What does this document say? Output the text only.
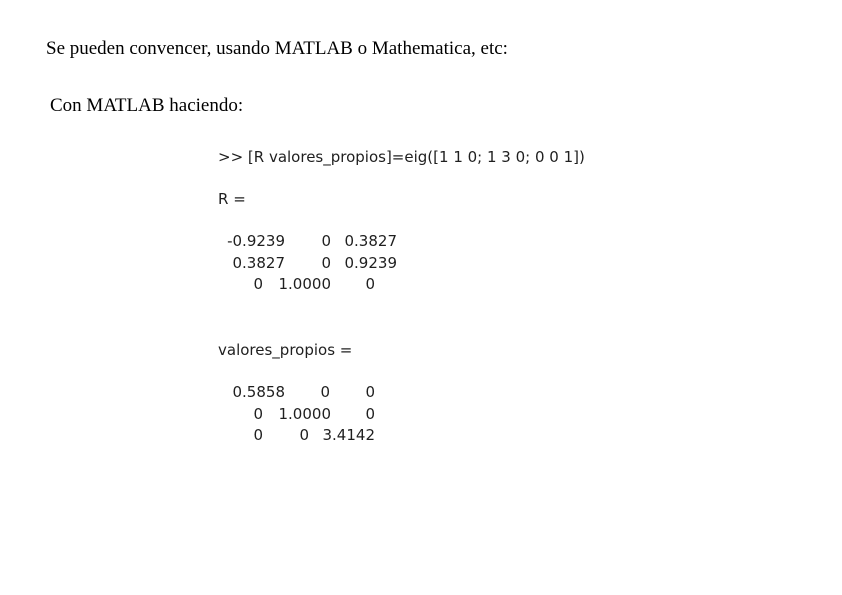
Se pueden convencer, usando MATLAB o Mathematica, etc:
Con MATLAB haciendo:
>> [R valores_propios]=eig([1 1 0; 1 3 0; 0 0 1])
R =
-0.9239 0 0.3827
0.3827 0 0.9239
0 1.0000 0
valores_propios =
0.5858 0 0
0 1.0000 0
0 0 3.4142
